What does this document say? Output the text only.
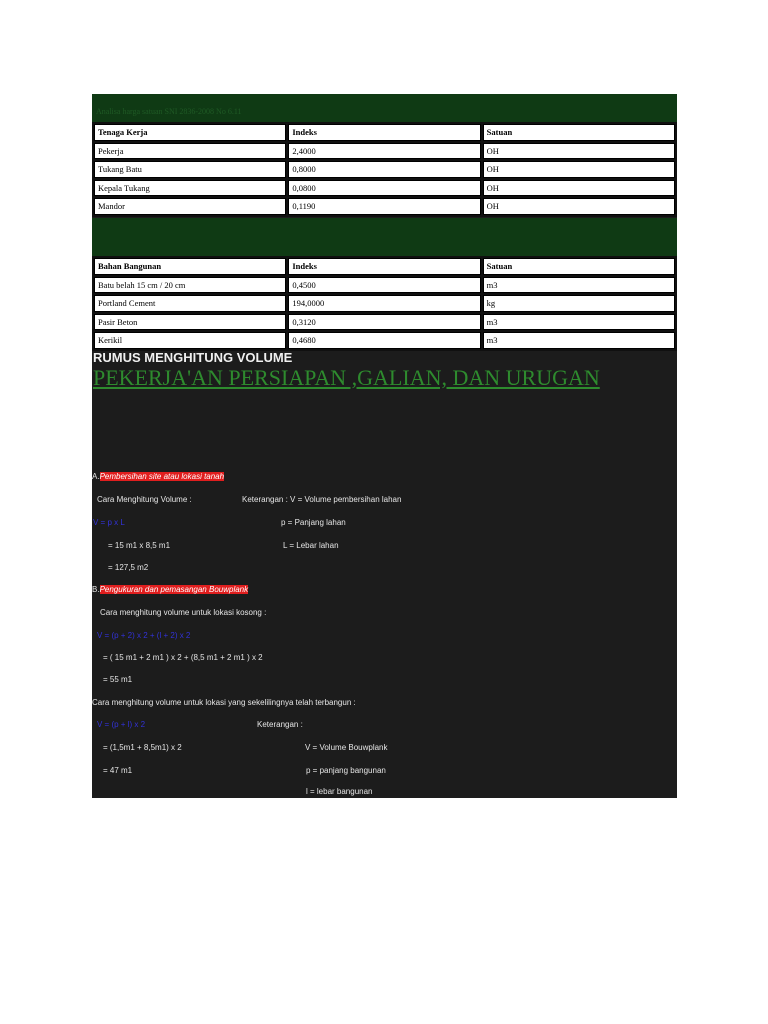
Analisa harga satuan SNI 2836-2008 No 6.11
Tenaga Kerja	Indeks	Satuan
Pekerja	2,4000	OH
Tukang Batu	0,8000	OH
Kepala Tukang	0,0800	OH
Mandor	0,1190	OH
Bahan Bangunan	Indeks	Satuan
Batu belah 15 cm / 20 cm	0,4500	m3
Portland Cement	194,0000	kg
Pasir Beton	0,3120	m3
Kerikil	0,4680	m3
RUMUS MENGHITUNG VOLUME
PEKERJA'AN PERSIAPAN ,GALIAN, DAN URUGAN
A.Pembersihan site atau lokasi tanah
Cara Menghitung Volume :	Keterangan : V = Volume pembersihan lahan
V = p x L	p = Panjang lahan
= 15 m1 x 8,5 m1	L = Lebar lahan
= 127,5 m2
B.Pengukuran dan pemasangan Bouwplank
Cara menghitung volume untuk lokasi kosong :
V = (p + 2) x 2 + (l + 2) x 2
= ( 15 m1 + 2 m1 ) x 2 + (8,5 m1 + 2 m1 ) x 2
= 55 m1
Cara menghitung volume untuk lokasi yang sekelilingnya telah terbangun :
V = (p + l) x 2	Keterangan :
= (1,5m1 + 8,5m1) x 2	V = Volume Bouwplank
= 47 m1	p = panjang bangunan
l = lebar bangunan
